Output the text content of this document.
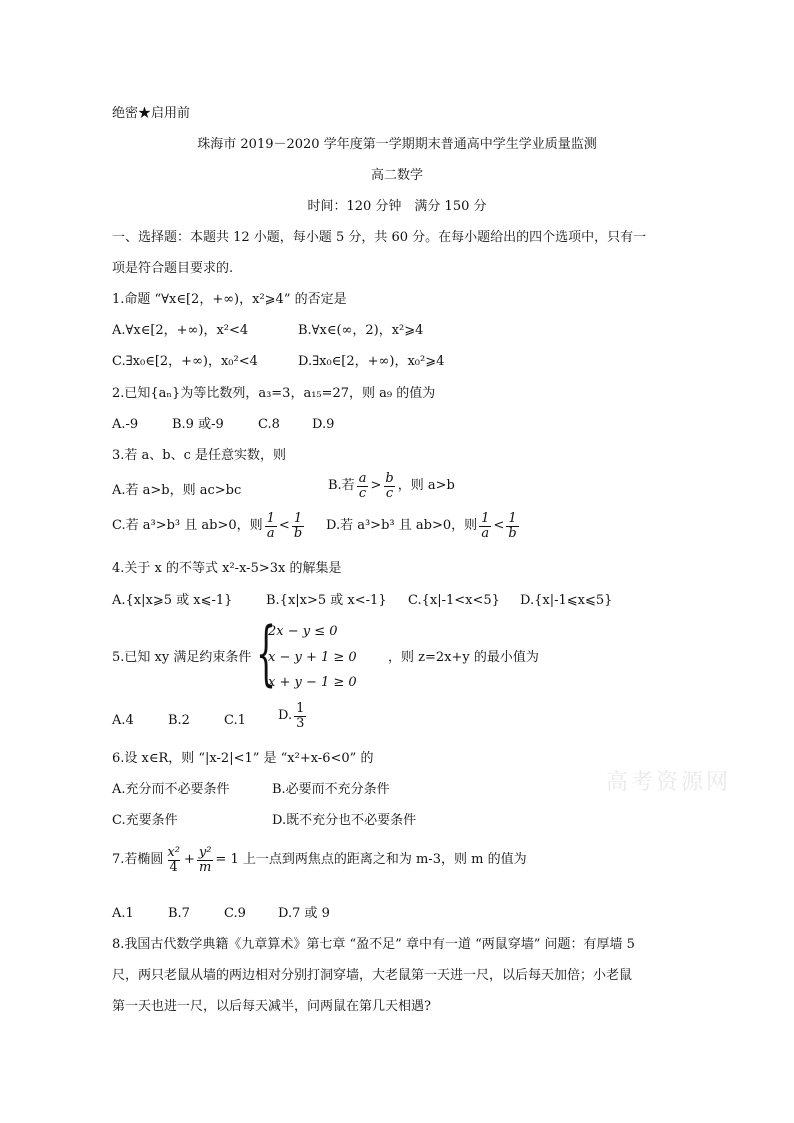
绝密★启用前
珠海市 2019－2020 学年度第一学期期末普通高中学生学业质量监测
高二数学
时间：120 分钟　满分 150 分
一、选择题：本题共 12 小题，每小题 5 分，共 60 分。在每小题给出的四个选项中，只有一
项是符合题目要求的.
1.命题 “∀x∈[2，+∞)，x²⩾4” 的否定是
A.∀x∈[2，+∞)，x²<4	B.∀x∈(∞，2)，x²⩾4
C.∃x₀∈[2，+∞)，x₀²<4	D.∃x₀∈[2，+∞)，x₀²⩾4
2.已知{aₙ}为等比数列，a₃=3，a₁₅=27，则 a₉ 的值为
A.-9	B.9 或-9	C.8 D.9
3.若 a、b、c 是任意实数，则
A.若 a>b，则 ac>bc	B.若 $\frac{a}{c} > \frac{b}{c}$ ，则 a>b
C.若 a³>b³ 且 ab>0，则 $\frac{1}{a} < \frac{1}{b} D$.若 a³>b³ 且 ab>0，则 $\frac{1}{a} < \frac{1}{b}$
4.关于 x 的不等式 x²-x-5>3x 的解集是
A.{x|x⩾5 或 x⩽-1}	B.{x|x>5 或 x<-1} C.{x|-1<x<5} D.{x|-1⩽x⩽5}
5.已知 xy 满足约束条件 {
2x − y ≤ 0
x − y + 1 ≥ 0
x + y − 1 ≥ 0
，则 z=2x+y 的最小值为
A.4	B.2	C.1 D. $\frac{1}{3}$
6.设 x∈R，则 “|x-2|<1” 是 “x²+x-6<0” 的
A.充分而不必要条件	B.必要而不充分条件
C.充要条件	D.既不充分也不必要条件
高考资源网
7.若椭圆 $\frac{\text{x²}}{4} + \frac{\text{y²}}{m} = 1$ 上一点到两焦点的距离之和为 m-3，则 m 的值为
A.1	B.7	C.9 D.7 或 9
8.我国古代数学典籍《九章算术》第七章 “盈不足” 章中有一道 “两鼠穿墙” 问题：有厚墙 5
尺，两只老鼠从墙的两边相对分别打洞穿墙，大老鼠第一天进一尺，以后每天加倍；小老鼠
第一天也进一尺，以后每天减半，问两鼠在第几天相遇?
